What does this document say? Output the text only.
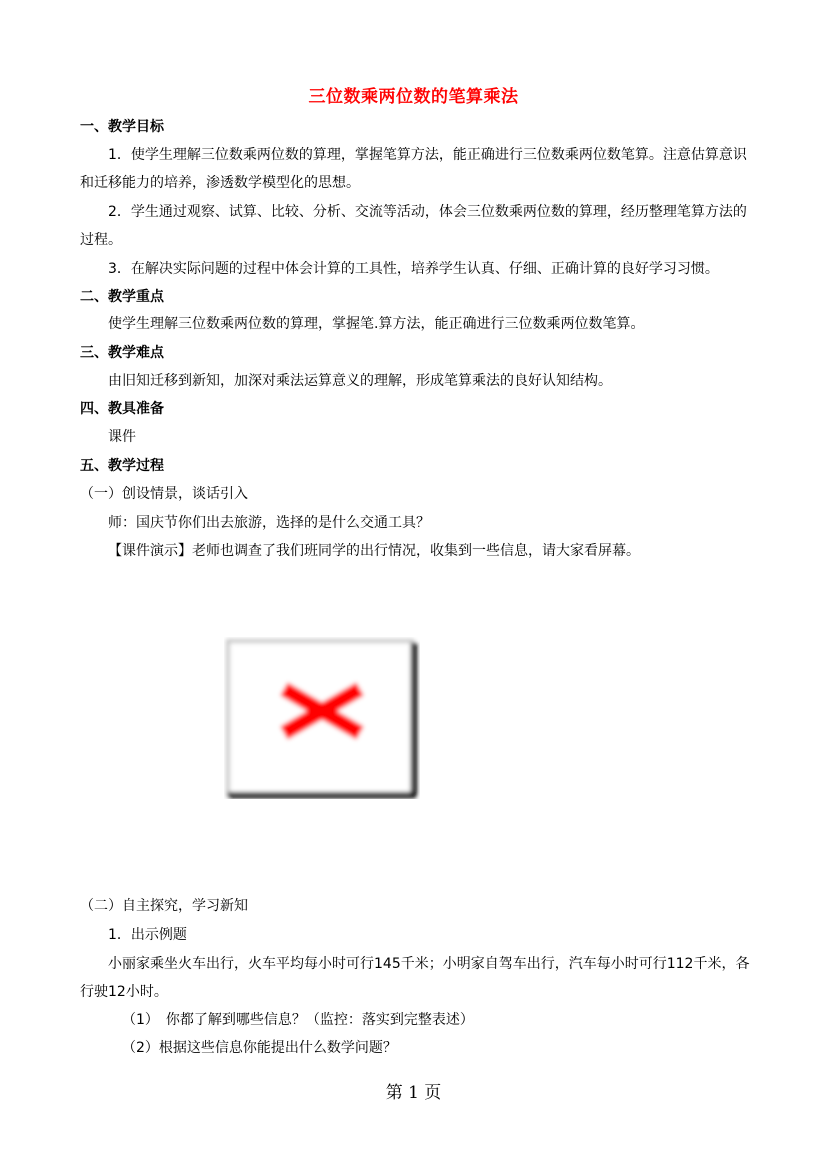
三位数乘两位数的笔算乘法
一、教学目标
1．使学生理解三位数乘两位数的算理，掌握笔算方法，能正确进行三位数乘两位数笔算。注意估算意识和迁移能力的培养，渗透数学模型化的思想。
2．学生通过观察、试算、比较、分析、交流等活动，体会三位数乘两位数的算理，经历整理笔算方法的过程。
3．在解决实际问题的过程中体会计算的工具性，培养学生认真、仔细、正确计算的良好学习习惯。
二、教学重点
使学生理解三位数乘两位数的算理，掌握笔.算方法，能正确进行三位数乘两位数笔算。
三、教学难点
由旧知迁移到新知，加深对乘法运算意义的理解，形成笔算乘法的良好认知结构。
四、教具准备
课件
五、教学过程
（一）创设情景，谈话引入
师：国庆节你们出去旅游，选择的是什么交通工具？
【课件演示】老师也调查了我们班同学的出行情况，收集到一些信息，请大家看屏幕。
（二）自主探究，学习新知
1．出示例题
小丽家乘坐火车出行，火车平均每小时可行145千米；小明家自驾车出行，汽车每小时可行112千米，各行驶12小时。
（1）　你都了解到哪些信息？（监控：落实到完整表述）
（2）根据这些信息你能提出什么数学问题？
第 1 页
